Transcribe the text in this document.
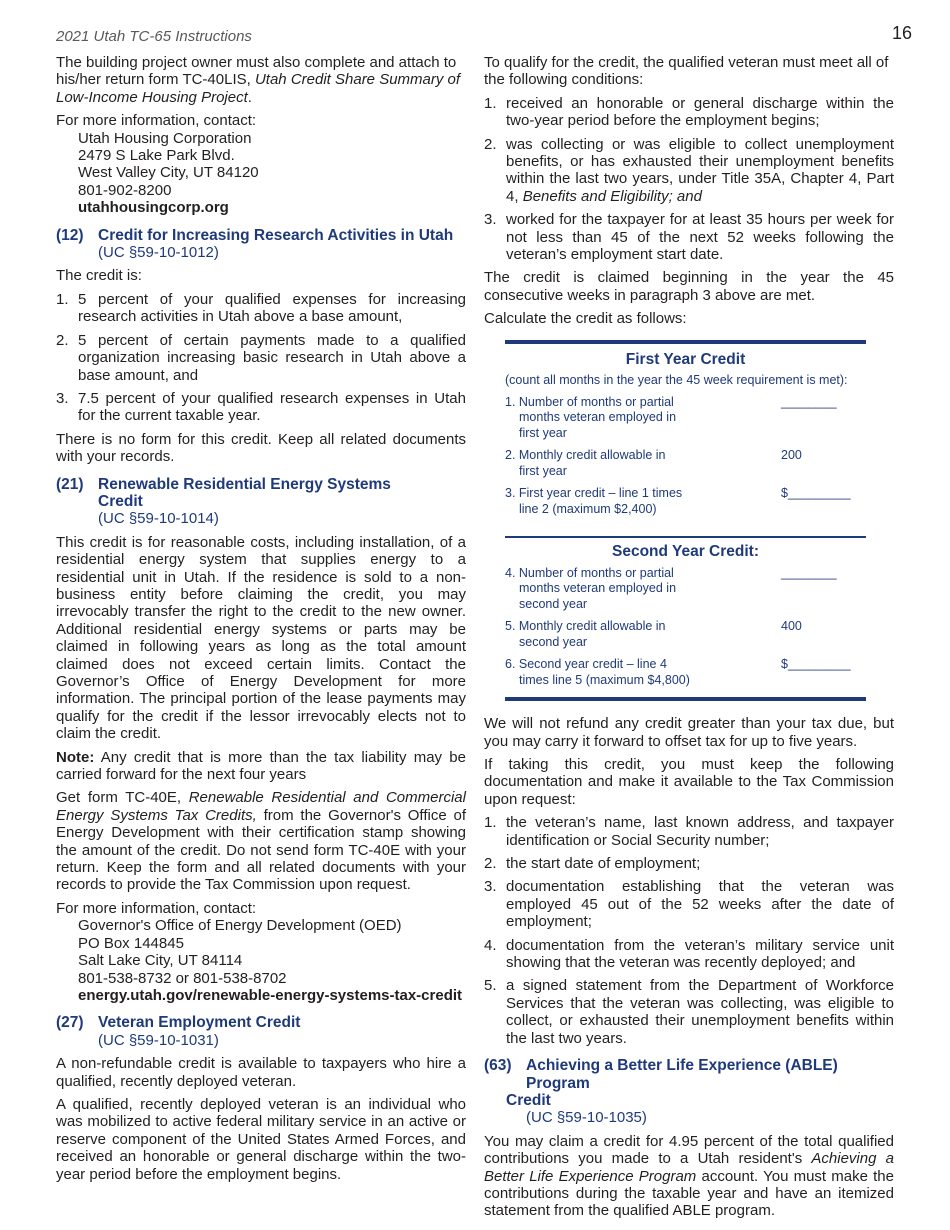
2021 Utah TC-65 Instructions	16

The building project owner must also complete and attach to his/her return form TC-40LIS, Utah Credit Share Summary of Low-Income Housing Project.

For more information, contact:
Utah Housing Corporation
2479 S Lake Park Blvd.
West Valley City, UT 84120
801-902-8200
utahhousingcorp.org
(12) Credit for Increasing Research Activities in Utah
(UC §59-10-1012)

The credit is:

1. 5 percent of your qualified expenses for increasing research activities in Utah above a base amount,
2. 5 percent of certain payments made to a qualified organization increasing basic research in Utah above a base amount, and
3. 7.5 percent of your qualified research expenses in Utah for the current taxable year.

There is no form for this credit. Keep all related documents with your records.

(21) Renewable Residential Energy Systems
Credit
(UC §59-10-1014)

This credit is for reasonable costs, including installation, of a residential energy system that supplies energy to a residential unit in Utah. If the residence is sold to a non-business entity before claiming the credit, you may irrevocably transfer the right to the credit to the new owner. Additional residential energy systems or parts may be claimed in following years as long as the total amount claimed does not exceed certain limits. Contact the Governor’s Office of Energy Development for more information. The principal portion of the lease payments may qualify for the credit if the lessor irrevocably elects not to claim the credit.

Note: Any credit that is more than the tax liability may be carried forward for the next four years

Get form TC-40E, Renewable Residential and Commercial Energy Systems Tax Credits, from the Governor's Office of Energy Development with their certification stamp showing the amount of the credit. Do not send form TC-40E with your return. Keep the form and all related documents with your records to provide the Tax Commission upon request.

For more information, contact:
Governor's Office of Energy Development (OED)
PO Box 144845
Salt Lake City, UT 84114
801-538-8732 or 801-538-8702
energy.utah.gov/renewable-energy-systems-tax-credit
(27) Veteran Employment Credit
(UC §59-10-1031)

A non-refundable credit is available to taxpayers who hire a qualified, recently deployed veteran.

A qualified, recently deployed veteran is an individual who was mobilized to active federal military service in an active or reserve component of the United States Armed Forces, and received an honorable or general discharge within the two-year period before the employment begins.

To qualify for the credit, the qualified veteran must meet all of the following conditions:

1. received an honorable or general discharge within the two-year period before the employment begins;
2. was collecting or was eligible to collect unemployment benefits, or has exhausted their unemployment benefits within the last two years, under Title 35A, Chapter 4, Part 4, Benefits and Eligibility; and
3. worked for the taxpayer for at least 35 hours per week for not less than 45 of the next 52 weeks following the veteran’s employment start date.

The credit is claimed beginning in the year the 45 consecutive weeks in paragraph 3 above are met.

Calculate the credit as follows:

First Year Credit
(count all months in the year the 45 week requirement is met):
1. Number of months or partial
months veteran employed in
first year
________
2. Monthly credit allowable in
first year
200
3. First year credit – line 1 times
line 2 (maximum $2,400)
$_________
Second Year Credit:
4. Number of months or partial
months veteran employed in
second year
________
5. Monthly credit allowable in
second year
400
6. Second year credit – line 4
times line 5 (maximum $4,800)
$_________

We will not refund any credit greater than your tax due, but you may carry it forward to offset tax for up to five years.

If taking this credit, you must keep the following documentation and make it available to the Tax Commission upon request:

1. the veteran’s name, last known address, and taxpayer identification or Social Security number;
2. the start date of employment;
3. documentation establishing that the veteran was employed 45 out of the 52 weeks after the date of employment;
4. documentation from the veteran’s military service unit showing that the veteran was recently deployed; and
5. a signed statement from the Department of Workforce Services that the veteran was collecting, was eligible to collect, or exhausted their unemployment benefits within the last two years.
(63) Achieving a Better Life Experience (ABLE) Program
Credit
(UC §59-10-1035)

You may claim a credit for 4.95 percent of the total qualified contributions you made to a Utah resident's Achieving a Better Life Experience Program account. You must make the contributions during the taxable year and have an itemized statement from the qualified ABLE program.
